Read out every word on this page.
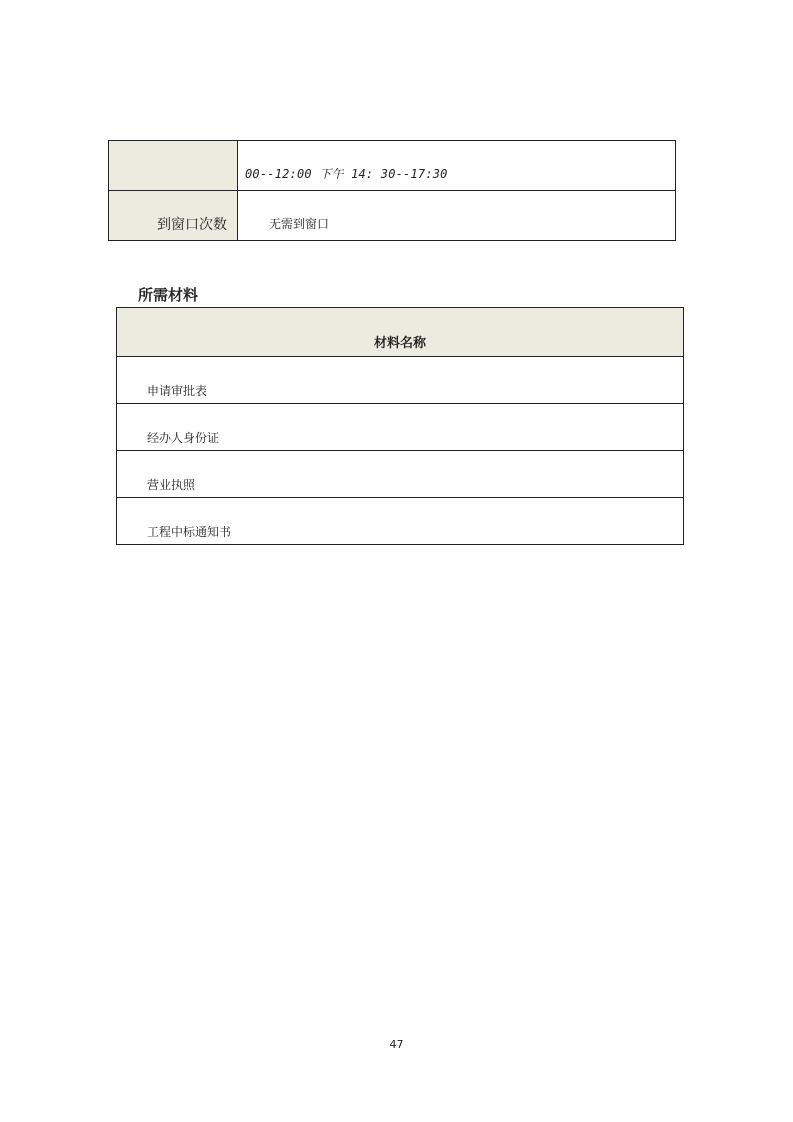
	00--12:00 下午 14: 30--17:30
到窗口次数	无需到窗口
所需材料
材料名称
申请审批表
经办人身份证
营业执照
工程中标通知书
47
